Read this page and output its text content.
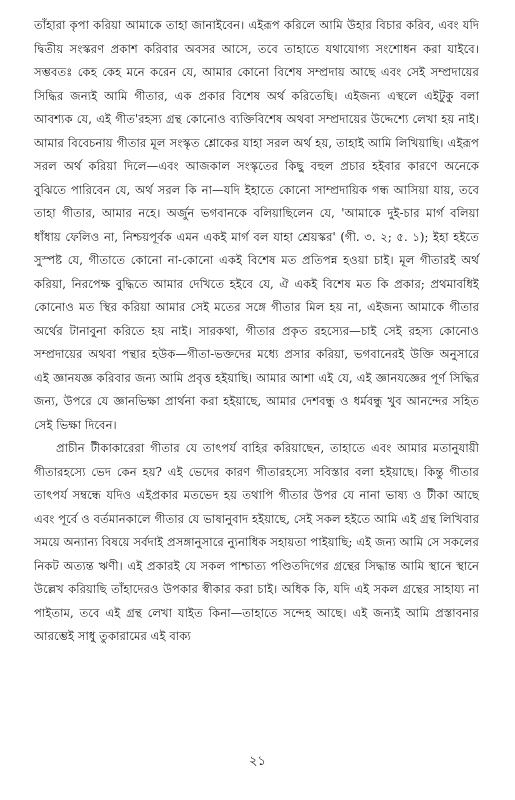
তাঁহারা কৃপা করিয়া আমাকে তাহা জানাইবেন। এইরূপ করিলে আমি উহার বিচার করিব, এবং যদি দ্বিতীয় সংস্করণ প্রকাশ করিবার অবসর আসে, তবে তাহাতে যথাযোগ্য সংশোধন করা যাইবে। সম্ভবতঃ কেহ কেহ মনে করেন যে, আমার কোনো বিশেষ সম্প্রদায় আছে এবং সেই সম্প্রদায়ের সিদ্ধির জন্যই আমি গীতার, এক প্রকার বিশেষ অর্থ করিতেছি। এইজন্য এস্থলে এইটুকু বলা আবশ্যক যে, এই গীত'রহস্য গ্রন্থ কোনোও ব্যক্তিবিশেষ অথবা সম্প্রদায়ের উদ্দেশ্যে লেখা হয় নাই। আমার বিবেচনায় গীতার মূল সংস্কৃত শ্লোকের যাহা সরল অর্থ হয়, তাহাই আমি লিখিয়াছি। এইরূপ সরল অর্থ করিয়া দিলে—এবং আজকাল সংস্কৃতের কিছু বহুল প্রচার হইবার কারণে অনেকে বুঝিতে পারিবেন যে, অর্থ সরল কি না—যদি ইহাতে কোনো সাম্প্রদায়িক গন্ধ আসিয়া যায়, তবে তাহা গীতার, আমার নহে। অর্জুন ভগবানকে বলিয়াছিলেন যে, 'আমাকে দুই-চার মার্গ বলিয়া ধাঁধায় ফেলিও না, নিশ্চয়পূর্বক এমন একই মার্গ বল যাহা শ্রেয়স্কর' (গী. ৩. ২; ৫. ১); ইহা হইতে সুস্পষ্ট যে, গীতাতে কোনো না-কোনো একই বিশেষ মত প্রতিপন্ন হওয়া চাই। মূল গীতারই অর্থ করিয়া, নিরপেক্ষ বুদ্ধিতে আমার দেখিতে হইবে যে, ঐ একই বিশেষ মত কি প্রকার; প্রথমাবধিই কোনোও মত স্থির করিয়া আমার সেই মতের সঙ্গে গীতার মিল হয় না, এইজন্য আমাকে গীতার অর্থের টানাবুনা করিতে হয় নাই। সারকথা, গীতার প্রকৃত রহস্যের—চাই সেই রহস্য কোনোও সম্প্রদায়ের অথবা পন্থার হউক—গীতা-ভক্তদের মধ্যে প্রসার করিয়া, ভগবানেরই উক্তি অনুসারে এই জ্ঞানযজ্ঞ করিবার জন্য আমি প্রবৃত্ত হইয়াছি। আমার আশা এই যে, এই জ্ঞানযজ্ঞের পূর্ণ সিদ্ধির জন্য, উপরে যে জ্ঞানভিক্ষা প্রার্থনা করা হইয়াছে, আমার দেশবন্ধু ও ধর্মবন্ধু খুব আনন্দের সহিত সেই ভিক্ষা দিবেন।

প্রাচীন টীকাকারেরা গীতার যে তাৎপর্য বাহির করিয়াছেন, তাহাতে এবং আমার মতানুযায়ী গীতারহস্যে ভেদ কেন হয়? এই ভেদের কারণ গীতারহস্যে সবিস্তার বলা হইয়াছে। কিন্তু গীতার তাৎপর্য সম্বন্ধে যদিও এইপ্রকার মতভেদ হয় তথাপি গীতার উপর যে নানা ভাষ্য ও টীকা আছে এবং পূর্বে ও বর্তমানকালে গীতার যে ভাষানুবাদ হইয়াছে, সেই সকল হইতে আমি এই গ্রন্থ লিখিবার সময়ে অন্যান্য বিষয়ে সর্বদাই প্রসঙ্গানুসারে ন্যুনাধিক সহায়তা পাইয়াছি; এই জন্য আমি সে সকলের নিকট অত্যন্ত ঋণী। এই প্রকারই যে সকল পাশ্চাত্য পণ্ডিতদিগের গ্রন্থের সিদ্ধান্ত আমি স্থানে স্থানে উল্লেখ করিয়াছি তাঁহাদেরও উপকার স্বীকার করা চাই। অধিক কি, যদি এই সকল গ্রন্থের সাহায্য না পাইতাম, তবে এই গ্রন্থ লেখা যাইত কিনা—তাহাতে সন্দেহ আছে। এই জন্যই আমি প্রস্তাবনার আরম্ভেই সাধু তুকারামের এই বাক্য

২১
